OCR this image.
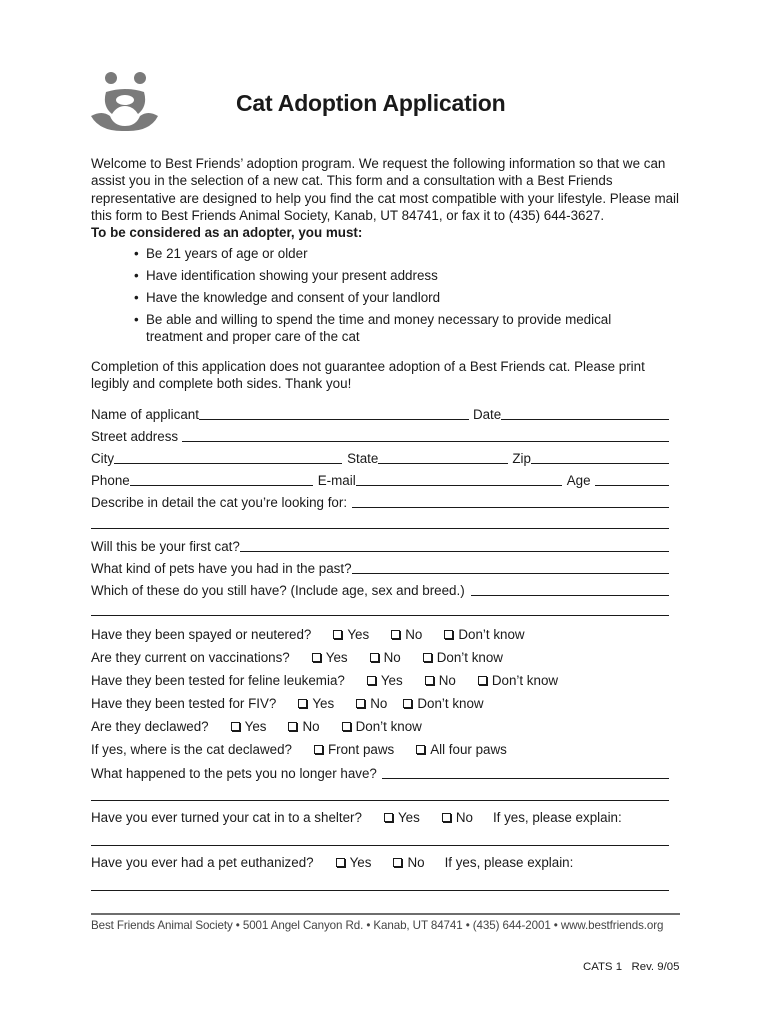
Cat Adoption Application
Welcome to Best Friends’ adoption program. We request the following information so that we can assist you in the selection of a new cat. This form and a consultation with a Best Friends representative are designed to help you find the cat most compatible with your lifestyle. Please mail this form to Best Friends Animal Society, Kanab, UT 84741, or fax it to (435) 644-3627.
To be considered as an adopter, you must:
• Be 21 years of age or older
• Have identification showing your present address
• Have the knowledge and consent of your landlord
• Be able and willing to spend the time and money necessary to provide medical treatment and proper care of the cat
Completion of this application does not guarantee adoption of a Best Friends cat. Please print legibly and complete both sides. Thank you!
Name of applicant	Date
Street address
City	State	Zip
Phone	E-mail	Age
Describe in detail the cat you’re looking for:
Will this be your first cat?
What kind of pets have you had in the past?
Which of these do you still have? (Include age, sex and breed.)
Have they been spayed or neutered?	Yes	No	Don’t know
Are they current on vaccinations?	Yes	No	Don’t know
Have they been tested for feline leukemia?	Yes	No	Don’t know
Have they been tested for FIV?	Yes	No Don’t know
Are they declawed?	Yes	No	Don’t know
If yes, where is the cat declawed?	Front paws	All four paws
What happened to the pets you no longer have?
Have you ever turned your cat in to a shelter?	Yes	No If yes, please explain:
Have you ever had a pet euthanized?	Yes	No If yes, please explain:
Best Friends Animal Society • 5001 Angel Canyon Rd. • Kanab, UT 84741 • (435) 644-2001 • www.bestfriends.org
CATS 1   Rev. 9/05
